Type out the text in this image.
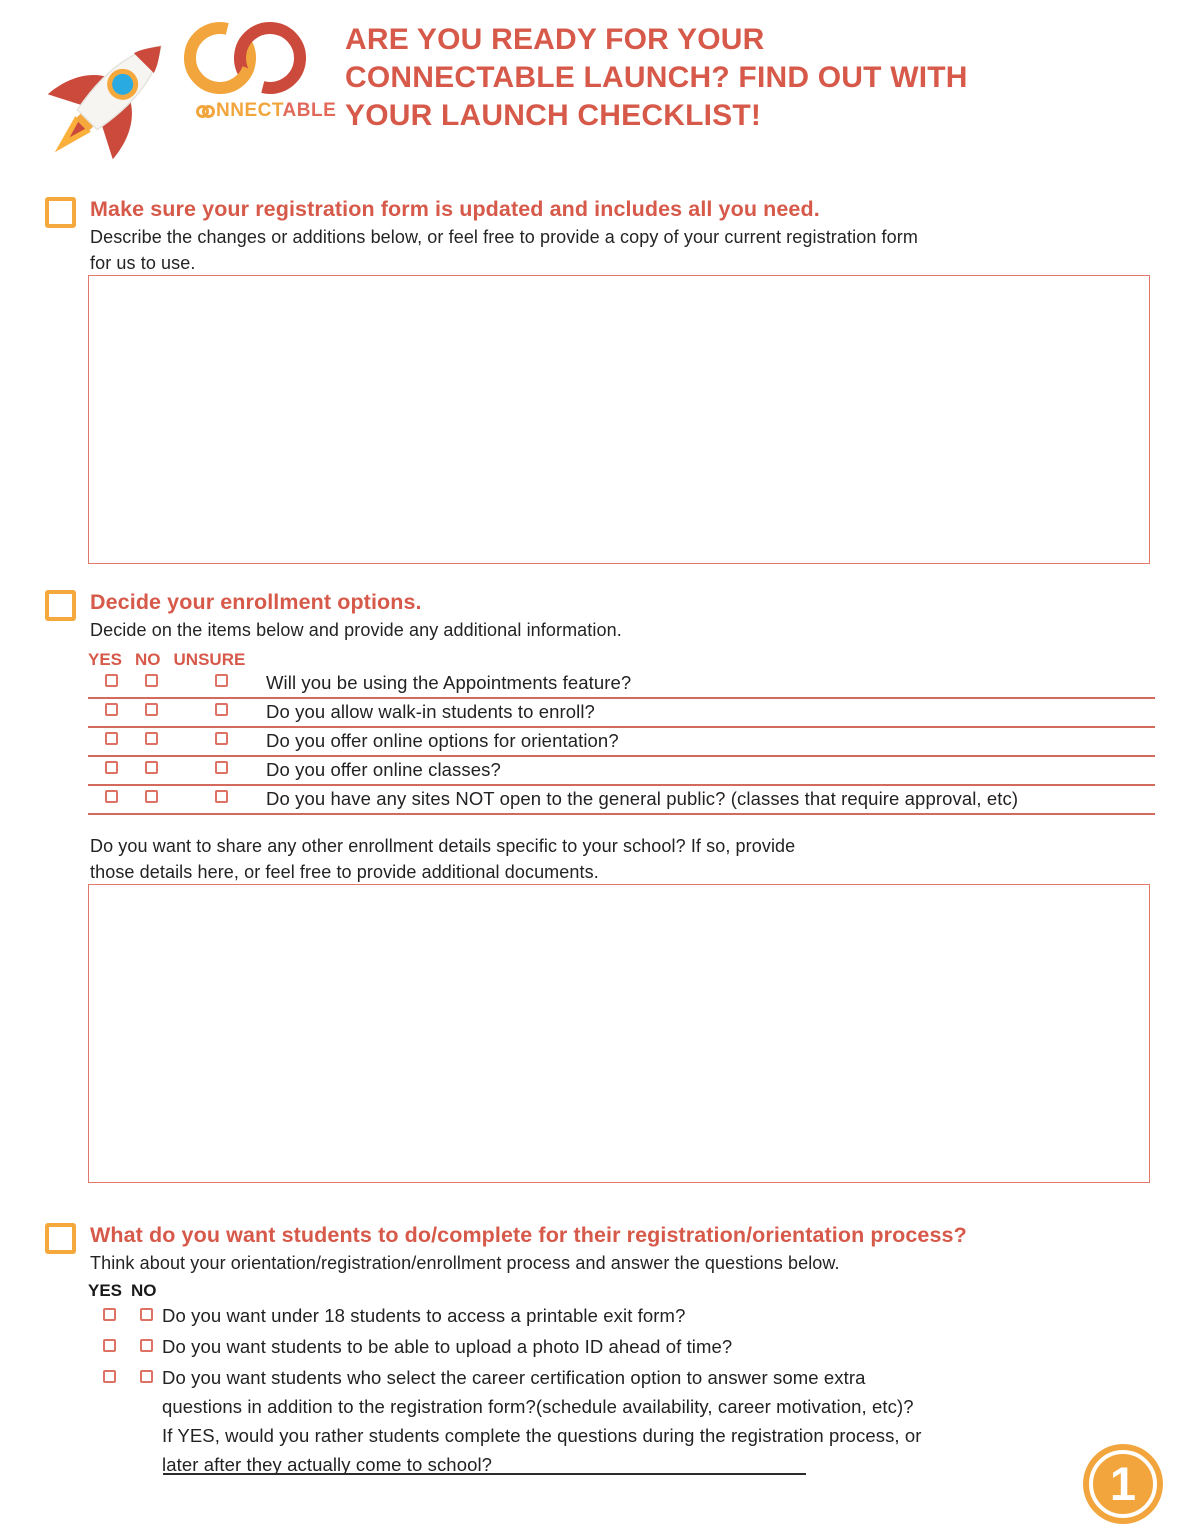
NNECTABLE
ARE YOU READY FOR YOUR
CONNECTABLE LAUNCH? FIND OUT WITH
YOUR LAUNCH CHECKLIST!
Make sure your registration form is updated and includes all you need.
Describe the changes or additions below, or feel free to provide a copy of your current registration form
for us to use.
Decide your enrollment options.
Decide on the items below and provide any additional information.
YES NO UNSURE
Will you be using the Appointments feature?
Do you allow walk-in students to enroll?
Do you offer online options for orientation?
Do you offer online classes?
Do you have any sites NOT open to the general public? (classes that require approval, etc)
Do you want to share any other enrollment details specific to your school? If so, provide
those details here, or feel free to provide additional documents.
What do you want students to do/complete for their registration/orientation process?
Think about your orientation/registration/enrollment process and answer the questions below.
YES NO
Do you want under 18 students to access a printable exit form?
Do you want students to be able to upload a photo ID ahead of time?
Do you want students who select the career certification option to answer some extra
questions in addition to the registration form?(schedule availability, career motivation, etc)?
If YES, would you rather students complete the questions during the registration process, or
later after they actually come to school?	1
